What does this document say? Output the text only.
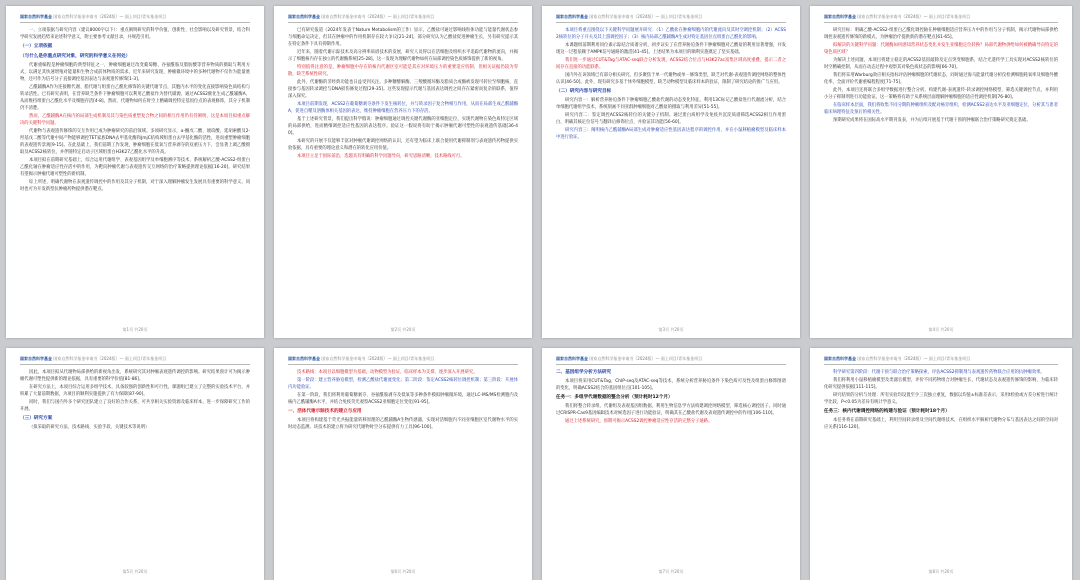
国家自然科学基金 国家自然科学基金申请书（2024版）— 面上项目/青年基金项目
一、立项依据与研究内容（建议8000字以下）：重点阐明研究的科学价值、创新性、社会影响以及研究背景，结合科学研究发展趋势来论述科学意义，附主要参考文献目录，并规范引用。
（一）立项依据
（与什么是你重点研究对象，研究的科学意义在何处）
代谢重编程是肿瘤细胞的典型特征之一，肿瘤细胞通过改变葡萄糖、谷氨酰胺及脂肪酸等营养物质的摄取与利用方式，以满足其快速增殖对能量和生物合成前体物质的需求。近年来研究发现，肿瘤微环境中的多种代谢物不仅作为能量底物，还可作为信号分子直接调控基因表达与表观遗传修饰[1-3]。
乙酰辅酶A作为连接糖代谢、脂代谢与组蛋白乙酰化修饰的关键代谢节点，其胞内水平的变化直接影响染色质结构与转录活性。已有研究表明，在营养缺乏条件下肿瘤细胞可以利用乙酸盐作为替代碳源，通过ACSS2催化生成乙酰辅酶A，从而维持组蛋白乙酰化水平及细胞存活[4-8]。然而，代谢物如何在时空上精确调控特定基因位点的表观修饰，其分子机制仍不清楚。
然而，乙酰辅酶A在核内的局部生成机制及其与染色质重塑复合物之间的相互作用仍有待阐明，这是本项目拟重点解决的关键科学问题。
代谢物与表观遗传修饰的交互作用已成为肿瘤研究的前沿领域。多项研究显示，α-酮戊二酸、琥珀酸、延胡索酸及2-羟基戊二酸等代谢中间产物能够调控TET家族DNA去甲基化酶和JmjC结构域组蛋白去甲基化酶的活性，进而重塑肿瘤细胞的表观遗传景观[9-15]。在此基础上，我们前期工作发现，肿瘤细胞在低氧与营养剥夺的双重压力下，会显著上调乙酸摄取及ACSS2核转位，并伴随特定启动子区域组蛋白H3K27乙酰化水平的升高。
本项目拟在前期研究基础上，综合运用代谢组学、表观基因组学及单细胞测序等技术，系统解析乙酸-ACSS2-组蛋白乙酰化轴在肿瘤适应性存活中的作用，为靶向肿瘤代谢与表观遗传交互网络的治疗策略提供理论依据[16-20]。研究结果有望揭示肿瘤代谢可塑性的新机制。
综上所述，明确代谢物在表观遗传调控中的作用及其分子机制，对于深入理解肿瘤发生发展具有重要的科学意义，同时也可为开发新型抗肿瘤药物提供潜在靶点。
第1页 共20页
国家自然科学基金 国家自然科学基金申请书（2024版）— 面上项目/青年基金项目
已有研究报道（2024年发表于Nature Metabolism的工作）显示，乙酸盐可通过影响线粒体功能与能量代谢状态参与细胞命运决定，但其在肿瘤中的作用机制存在较大争议[21-24]。部分研究认为乙酸盐促进肿瘤生长，另有研究提示其在特定条件下具有抑制作用。
近年来，随着代谢示踪技术及高分辨率质谱技术的发展，研究人员得以在活细胞及组织水平追踪代谢物的流向，并揭示了细胞核内存在独立的代谢酶系统[25-28]。这一发现为理解代谢物如何在局部调控染色质修饰提供了新的视角。
特别值得注意的是，肿瘤细胞中存在的核内代谢区室可能是其应对环境压力的重要适应机制，但相关证据仍较为零散，缺乏系统性研究。
此外，代谢酶的非经典功能也日益受到关注。多种糖酵解酶、三羧酸循环酶及脂质合成酶被发现可转位至细胞核，直接参与基因转录调控与DNA损伤修复过程[29-35]。这些发现提示代谢与基因表达调控之间存在紧密而复杂的联系，值得深入探究。
本项目前期发现，ACSS2在葡萄糖剥夺条件下发生核转位，并与转录因子复合物相互作用，从而在局部生成乙酰辅酶A，促进自噬及溶酶体相关基因的表达，维持肿瘤细胞在营养压力下的存活。
基于上述研究背景，我们提出科学假说：肿瘤细胞通过调控关键代谢酶的亚细胞定位，实现代谢物在染色质特定区域的局部供给，进而精细调控适应性基因的表达程序。验证这一假说将有助于揭示肿瘤代谢可塑性的表观遗传基础[36-40]。
本研究的开展不仅能够丰富对肿瘤代谢调控网络的认识，还有望为临床上联合使用代谢抑制剂与表观遗传药物提供实验依据，具有重要的理论意义和潜在的转化应用价值。
本项目立足于国际前沿，选题具有明确的科学问题导向，研究思路清晰，技术路线可行。
第2页 共20页
国家自然科学基金 国家自然科学基金申请书（2024版）— 面上项目/青年基金项目
本项目将重点围绕以下关键科学问题展开研究：（1）乙酸盐在肿瘤细胞内的代谢流向及其时空调控机制；（2）ACSS2核转位的分子开关及其上游调控因子；（3）核内局部乙酰辅酶A生成对特定基因位点组蛋白乙酰化的影响。
本课题组前期利用同位素示踪结合质谱分析，初步证实了在营养胁迫条件下肿瘤细胞对乙酸盐的利用显著增强，并发现这一过程依赖于AMPK信号通路的激活[41-45]。上述结果为本项目的顺利实施奠定了坚实基础。
我们进一步通过CUT&Tag与ATAC-seq联合分析发现，ACSS2结合位点与H3K27ac富集区域高度重叠，提示二者之间存在直接的功能联系。
国内外在该领域已有部分相关研究，但多聚焦于单一代谢物或单一修饰类型，缺乏对代谢-表观遗传调控网络的整体性认识[46-50]。此外，现有研究多基于体外细胞模型，缺乏动物模型及临床样本的验证，限制了研究结论的推广与应用。
（二）研究内容与研究目标
研究内容一：解析营养胁迫条件下肿瘤细胞乙酸盐代谢的动态变化特征。利用13C标记乙酸盐进行代谢流分析，结合单细胞代谢组学技术，系统刻画不同亚群肿瘤细胞对乙酸盐的摄取与利用差异[51-55]。
研究内容二：鉴定调控ACSS2核转位的关键分子机制。通过蛋白质组学及免疫共沉淀质谱筛选ACSS2相互作用蛋白，明确其核定位信号与翻译后修饰位点，并验证其功能[56-60]。
研究内容三：阐明核内乙酰辅酶A局部生成对肿瘤适应性基因表达程序的调控作用，并在小鼠移植瘤模型及临床样本中进行验证。
第3页 共20页
国家自然科学基金 国家自然科学基金申请书（2024版）— 面上项目/青年基金项目
研究目标：明确乙酸-ACSS2-组蛋白乙酰化调控轴在肿瘤细胞适应营养压力中的作用与分子机制，揭示代谢物局部供给调控表观遗传修饰的新模式，为肿瘤治疗提供新的潜在靶点[61-65]。
拟解决的关键科学问题：代谢酶如何感知营养状态变化并发生亚细胞定位转换？局部代谢物供给如何被精确导向特定的染色质区域？
为解决上述问题，本项目将建立稳定的ACSS2基因敲除及定点突变细胞系，结合光遗传学工具实现对ACSS2核转位的时空精确控制，从而在动态过程中观察其对染色质状态的影响[66-70]。
我们将采用Warburg效应相关指标评估肿瘤细胞的代谢状态，同时通过海马能量代谢分析仪检测细胞耗氧率及细胞外酸化率，全面评价代谢重编程程度[71-75]。
此外，本项目还将联合多组学数据进行整合分析，构建代谢-表观遗传-转录调控网络模型，筛选关键调控节点，并利用小分子抑制剂进行功能验证。这一策略将有助于从系统层面理解肿瘤细胞的适应性调控机制[76-80]。
在临床样本层面，我们将收集不同分期的肿瘤组织及配对癌旁组织，检测ACSS2表达水平及亚细胞定位，分析其与患者临床病理特征及预后的相关性。
预期研究成果将在国际高水平期刊发表，并为后续开展基于代谢干预的肿瘤联合治疗策略研究奠定基础。
第4页 共20页
国家自然科学基金 国家自然科学基金申请书（2024版）— 面上项目/青年基金项目
因此，本项目拟从代谢物局部供给的新视角出发，系统研究其对肿瘤表观遗传调控的影响。研究结果预计可为揭示肿瘤代谢可塑性提供新的理论依据，具有重要的科学价值[81-86]。
在研究方法上，本项目综合运用多组学技术，具备较强的创新性和可行性。课题组已建立了完整的实验技术平台，并积累了大量前期数据，为项目的顺利实施提供了有力保障[87-90]。
同时，我们与国内外多个研究团队建立了良好的合作关系，可共享相关实验资源及临床样本，进一步保障研究工作的开展。
（三）研究方案
（拟采取的研究方法、技术路线、实验手段、关键技术等说明）
第5页 共20页
国家自然科学基金 国家自然科学基金申请书（2024版）— 面上项目/青年基金项目
技术路线：本项目以细胞模型为基础，动物模型为验证，临床样本为支撑，逐步深入开展研究。
第一阶段：建立营养胁迫模型，检测乙酸盐代谢流变化；第二阶段：鉴定ACSS2核转位调控机制；第三阶段：开展体内功能验证。
在第一阶段，我们将利用葡萄糖剥夺、谷氨酰胺剥夺及低氧等多种条件模拟肿瘤微环境，通过LC-MS/MS检测胞内及核内乙酰辅酶A水平，并结合免疫荧光观察ACSS2亚细胞定位变化[91-95]。
一、活体代谢示踪技术的建立与应用
本项目将构建基于荧光共振能量转移原理的乙酰辅酶A生物传感器，实现对活细胞内不同亚细胞区室代谢物水平的实时动态监测。该技术的建立将为研究代谢物时空分布提供有力工具[96-100]。
第6页 共20页
国家自然科学基金 国家自然科学基金申请书（2024版）— 面上项目/青年基金项目
二、基因组学分析方法研究
本项目将采用CUT&Tag、ChIP-seq及ATAC-seq等技术，系统分析营养胁迫条件下染色质可及性及组蛋白修饰图谱的变化，明确ACSS2结合的基因组位点[101-105]。
任务一：多组学代谢数据的整合分析（预计耗时12个月）
我们将整合转录组、代谢组及表观基因组数据，利用生物信息学方法构建调控网络模型，筛选核心调控因子。同时通过CRISPR-Cas9基因编辑技术对候选因子进行功能验证，明确其在乙酸盐代谢及表观遗传调控中的作用[106-110]。
通过上述系统研究，预期可揭示ACSS2调控肿瘤适应性存活的完整分子通路。
第7页 共20页
国家自然科学基金 国家自然科学基金申请书（2024版）— 面上项目/青年基金项目
科学研究第四阶段：代谢干预与联合治疗策略探索，评估ACSS2抑制剂与表观遗传药物联合应用的抗肿瘤效果。
我们将利用小鼠移植瘤模型及类器官模型，评价不同药物组合对肿瘤生长、代谢状态及表观遗传修饰的影响，为临床转化研究提供依据[111-115]。
研究结果的分析与处理：所有实验均设置至少三次独立重复，数据以均值±标准差表示，采用t检验或方差分析进行统计学比较，P<0.05为差异有统计学意义。
任务三：核内代谢调控网络的构建与验证（预计耗时18个月）
本任务将在前期研究基础上，利用空间转录组及空间代谢组技术，在组织水平解析代谢物分布与基因表达之间的空间对应关系[116-120]。
第8页 共20页
